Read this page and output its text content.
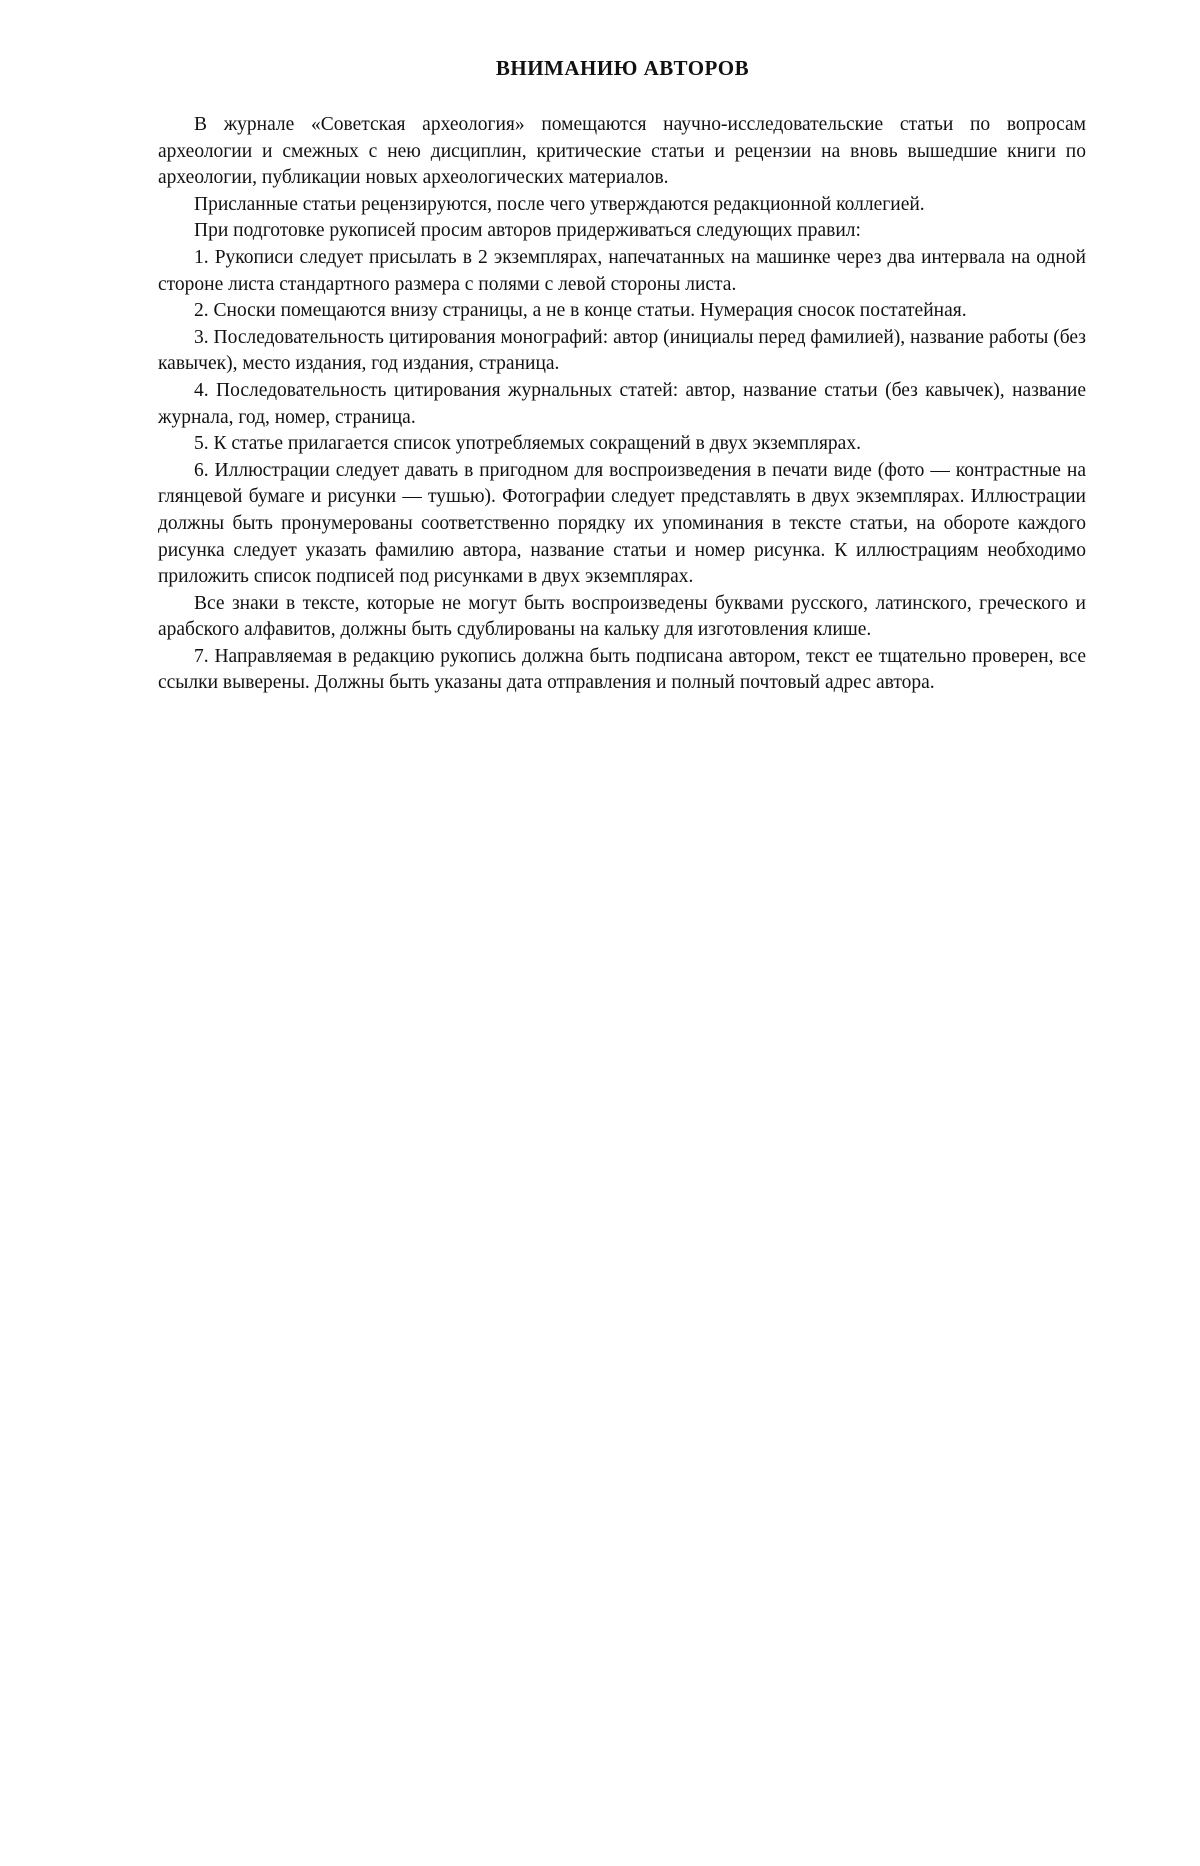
ВНИМАНИЮ АВТОРОВ

В журнале «Советская археология» помещаются научно-исследовательские статьи по вопросам археологии и смежных с нею дисциплин, критические статьи и рецензии на вновь вышедшие книги по археологии, публикации новых археологических материалов.

Присланные статьи рецензируются, после чего утверждаются редакционной коллегией.

При подготовке рукописей просим авторов придерживаться следующих правил:

1. Рукописи следует присылать в 2 экземплярах, напечатанных на машинке через два интервала на одной стороне листа стандартного размера с полями с левой стороны листа.

2. Сноски помещаются внизу страницы, а не в конце статьи. Нумерация сносок постатейная.

3. Последовательность цитирования монографий: автор (инициалы перед фамилией), название работы (без кавычек), место издания, год издания, страница.

4. Последовательность цитирования журнальных статей: автор, название статьи (без кавычек), название журнала, год, номер, страница.

5. К статье прилагается список употребляемых сокращений в двух экземплярах.

6. Иллюстрации следует давать в пригодном для воспроизведения в печати виде (фото — контрастные на глянцевой бумаге и рисунки — тушью). Фотографии следует представлять в двух экземплярах. Иллюстрации должны быть пронумерованы соответственно порядку их упоминания в тексте статьи, на обороте каждого рисунка следует указать фамилию автора, название статьи и номер рисунка. К иллюстрациям необходимо приложить список подписей под рисунками в двух экземплярах.

Все знаки в тексте, которые не могут быть воспроизведены буквами русского, латинского, греческого и арабского алфавитов, должны быть сдублированы на кальку для изготовления клише.

7. Направляемая в редакцию рукопись должна быть подписана автором, текст ее тщательно проверен, все ссылки выверены. Должны быть указаны дата отправления и полный почтовый адрес автора.
